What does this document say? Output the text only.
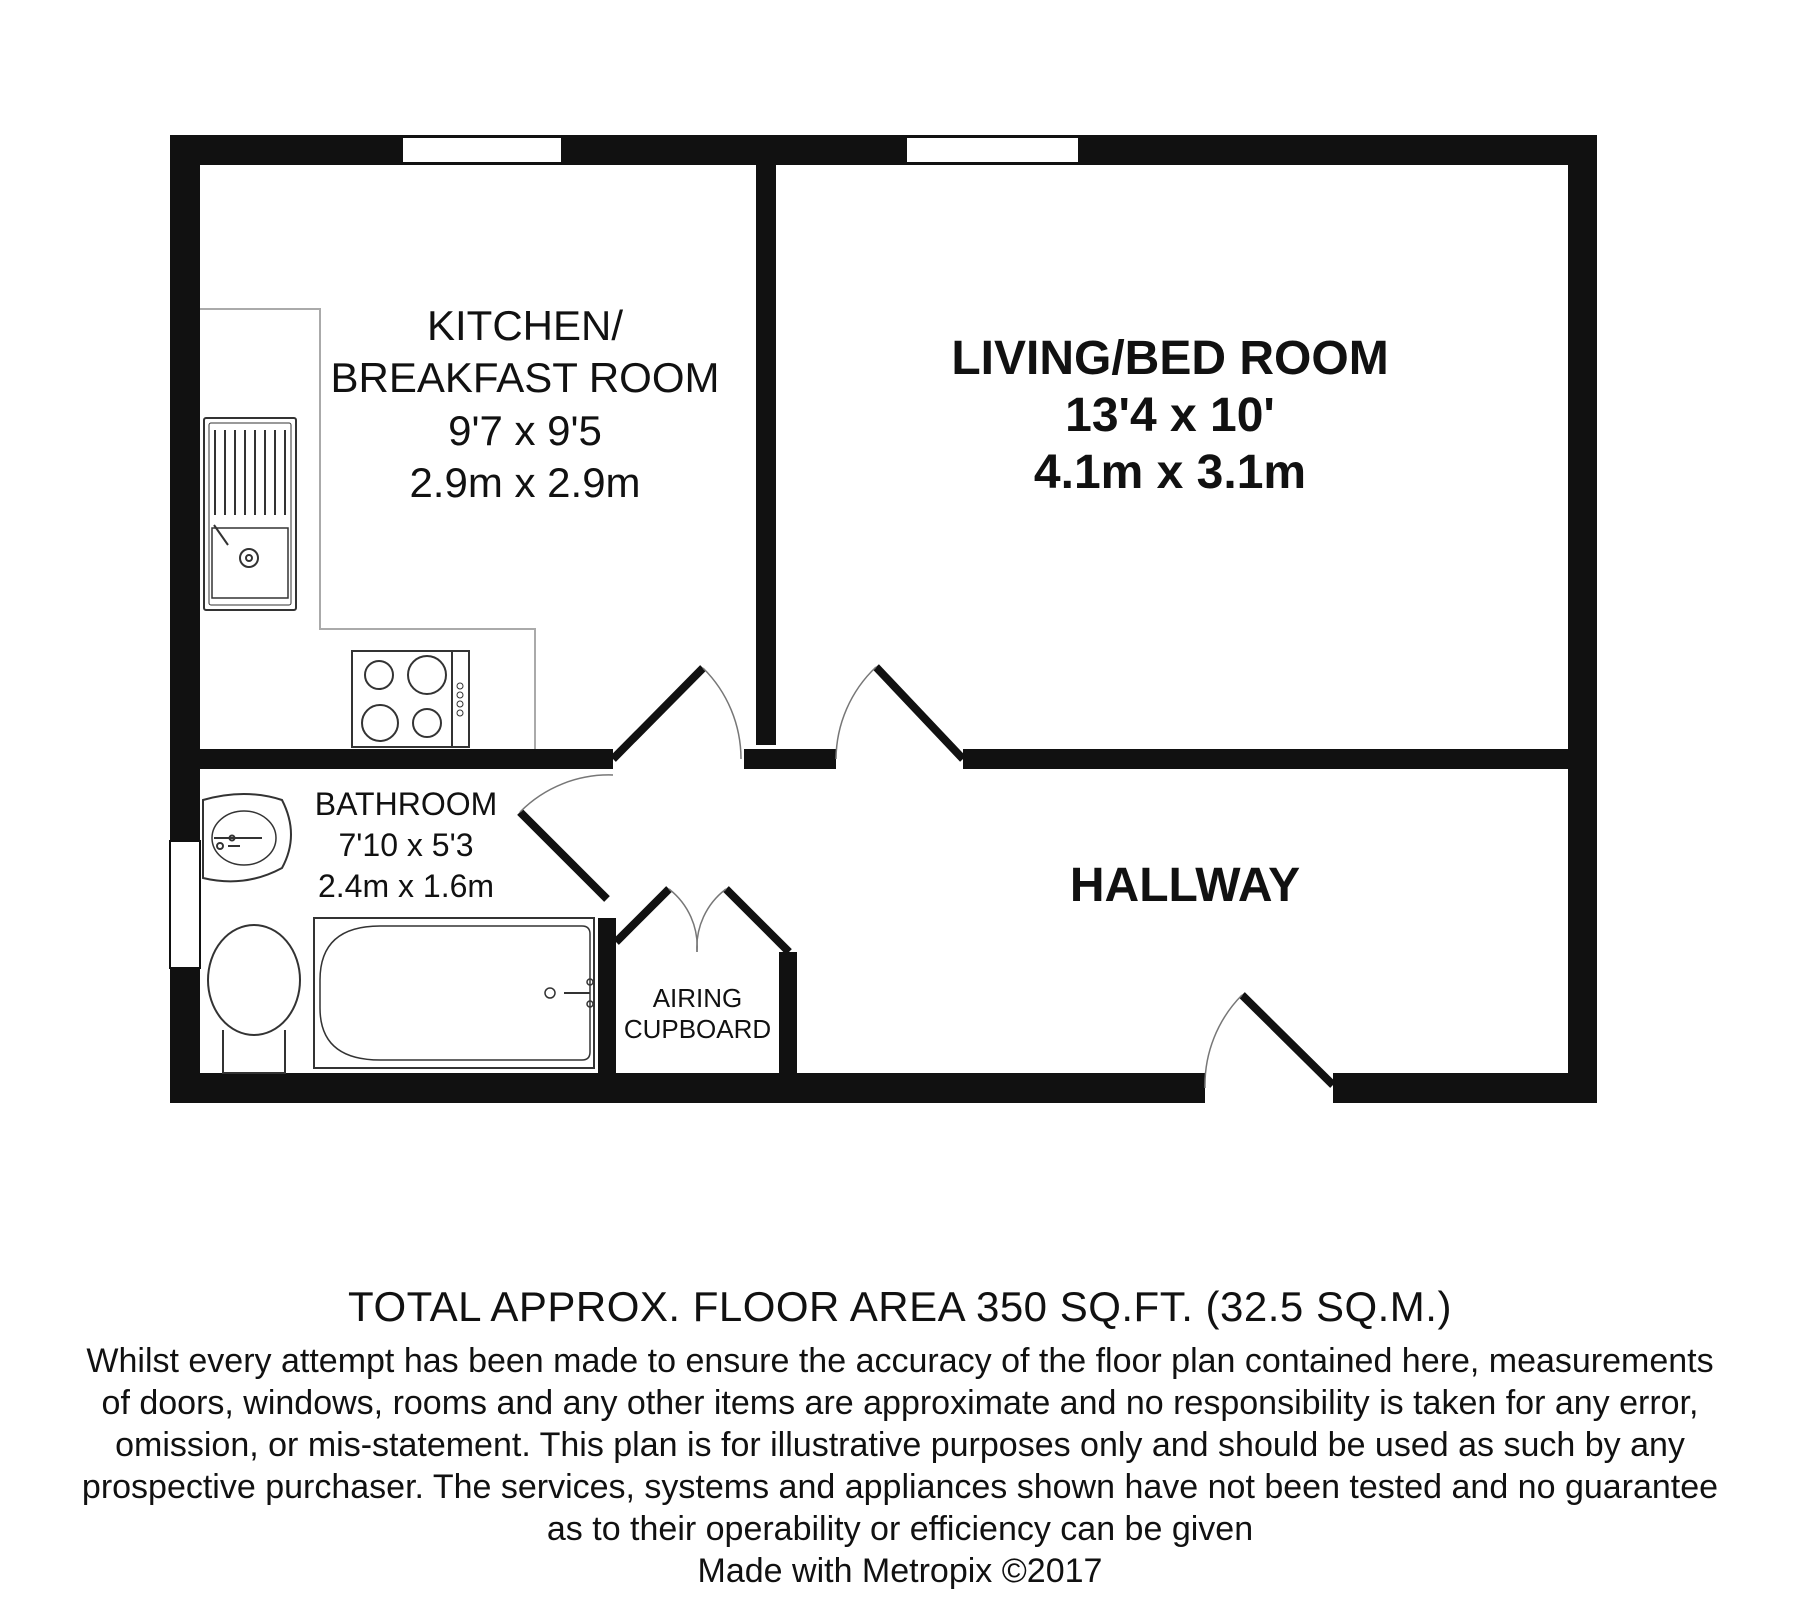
KITCHEN/
BREAKFAST ROOM
9'7 x 9'5
2.9m x 2.9m
LIVING/BED ROOM
13'4 x 10'
4.1m x 3.1m
BATHROOM
7'10 x 5'3
2.4m x 1.6m	HALLWAY
AIRING
CUPBOARD
TOTAL APPROX. FLOOR AREA 350 SQ.FT. (32.5 SQ.M.)
Whilst every attempt has been made to ensure the accuracy of the floor plan contained here, measurements
of doors, windows, rooms and any other items are approximate and no responsibility is taken for any error,
omission, or mis-statement. This plan is for illustrative purposes only and should be used as such by any
prospective purchaser. The services, systems and appliances shown have not been tested and no guarantee
as to their operability or efficiency can be given
Made with Metropix ©2017
